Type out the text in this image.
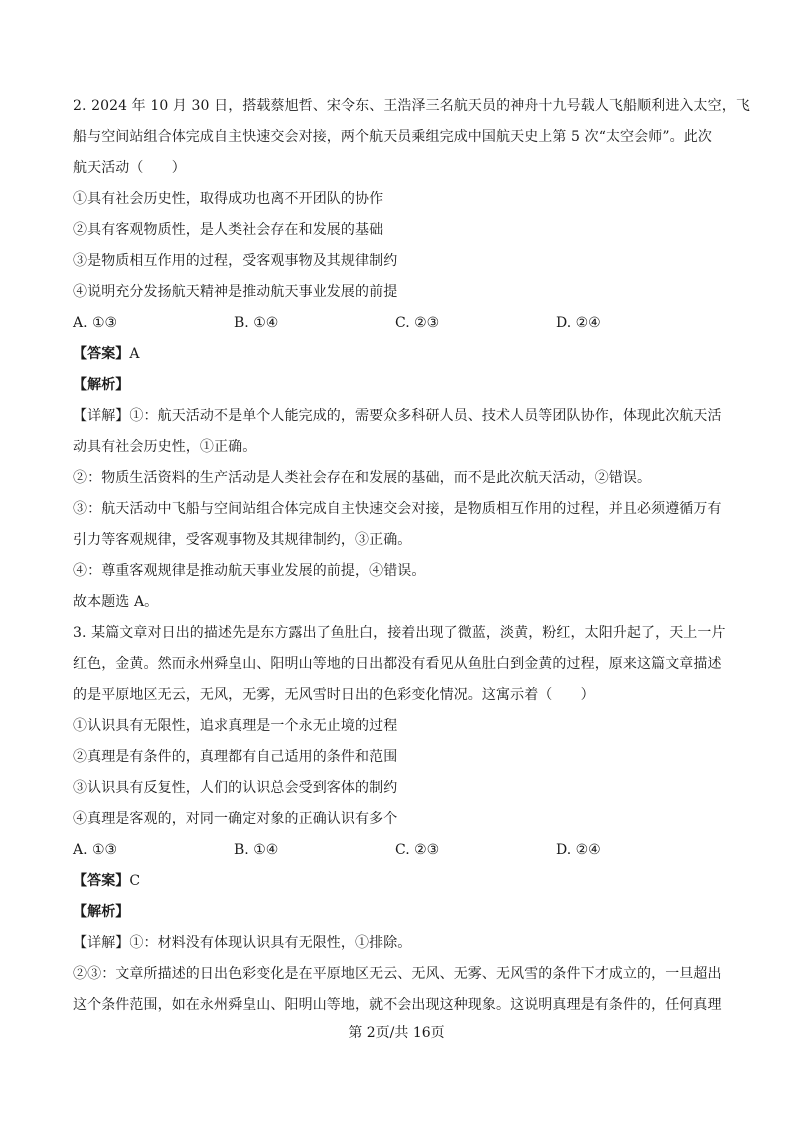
2. 2024 年 10 月 30 日，搭载蔡旭哲、宋令东、王浩泽三名航天员的神舟十九号载人飞船顺利进入太空，飞
船与空间站组合体完成自主快速交会对接，两个航天员乘组完成中国航天史上第 5 次“太空会师”。此次
航天活动（　　）
①具有社会历史性，取得成功也离不开团队的协作
②具有客观物质性，是人类社会存在和发展的基础
③是物质相互作用的过程，受客观事物及其规律制约
④说明充分发扬航天精神是推动航天事业发展的前提
A. ①③	B. ①④	C. ②③	D. ②④
【答案】A
【解析】
【详解】①：航天活动不是单个人能完成的，需要众多科研人员、技术人员等团队协作，体现此次航天活
动具有社会历史性，①正确。
②：物质生活资料的生产活动是人类社会存在和发展的基础，而不是此次航天活动，②错误。
③：航天活动中飞船与空间站组合体完成自主快速交会对接，是物质相互作用的过程，并且必须遵循万有
引力等客观规律，受客观事物及其规律制约，③正确。
④：尊重客观规律是推动航天事业发展的前提，④错误。
故本题选 A。
3. 某篇文章对日出的描述先是东方露出了鱼肚白，接着出现了微蓝，淡黄，粉红，太阳升起了，天上一片
红色，金黄。然而永州舜皇山、阳明山等地的日出都没有看见从鱼肚白到金黄的过程，原来这篇文章描述
的是平原地区无云，无风，无雾，无风雪时日出的色彩变化情况。这寓示着（　　）
①认识具有无限性，追求真理是一个永无止境的过程
②真理是有条件的，真理都有自己适用的条件和范围
③认识具有反复性，人们的认识总会受到客体的制约
④真理是客观的，对同一确定对象的正确认识有多个
A. ①③	B. ①④	C. ②③	D. ②④
【答案】C
【解析】
【详解】①：材料没有体现认识具有无限性，①排除。
②③：文章所描述的日出色彩变化是在平原地区无云、无风、无雾、无风雪的条件下才成立的，一旦超出
这个条件范围，如在永州舜皇山、阳明山等地，就不会出现这种现象。这说明真理是有条件的，任何真理
第 2页/共 16页
